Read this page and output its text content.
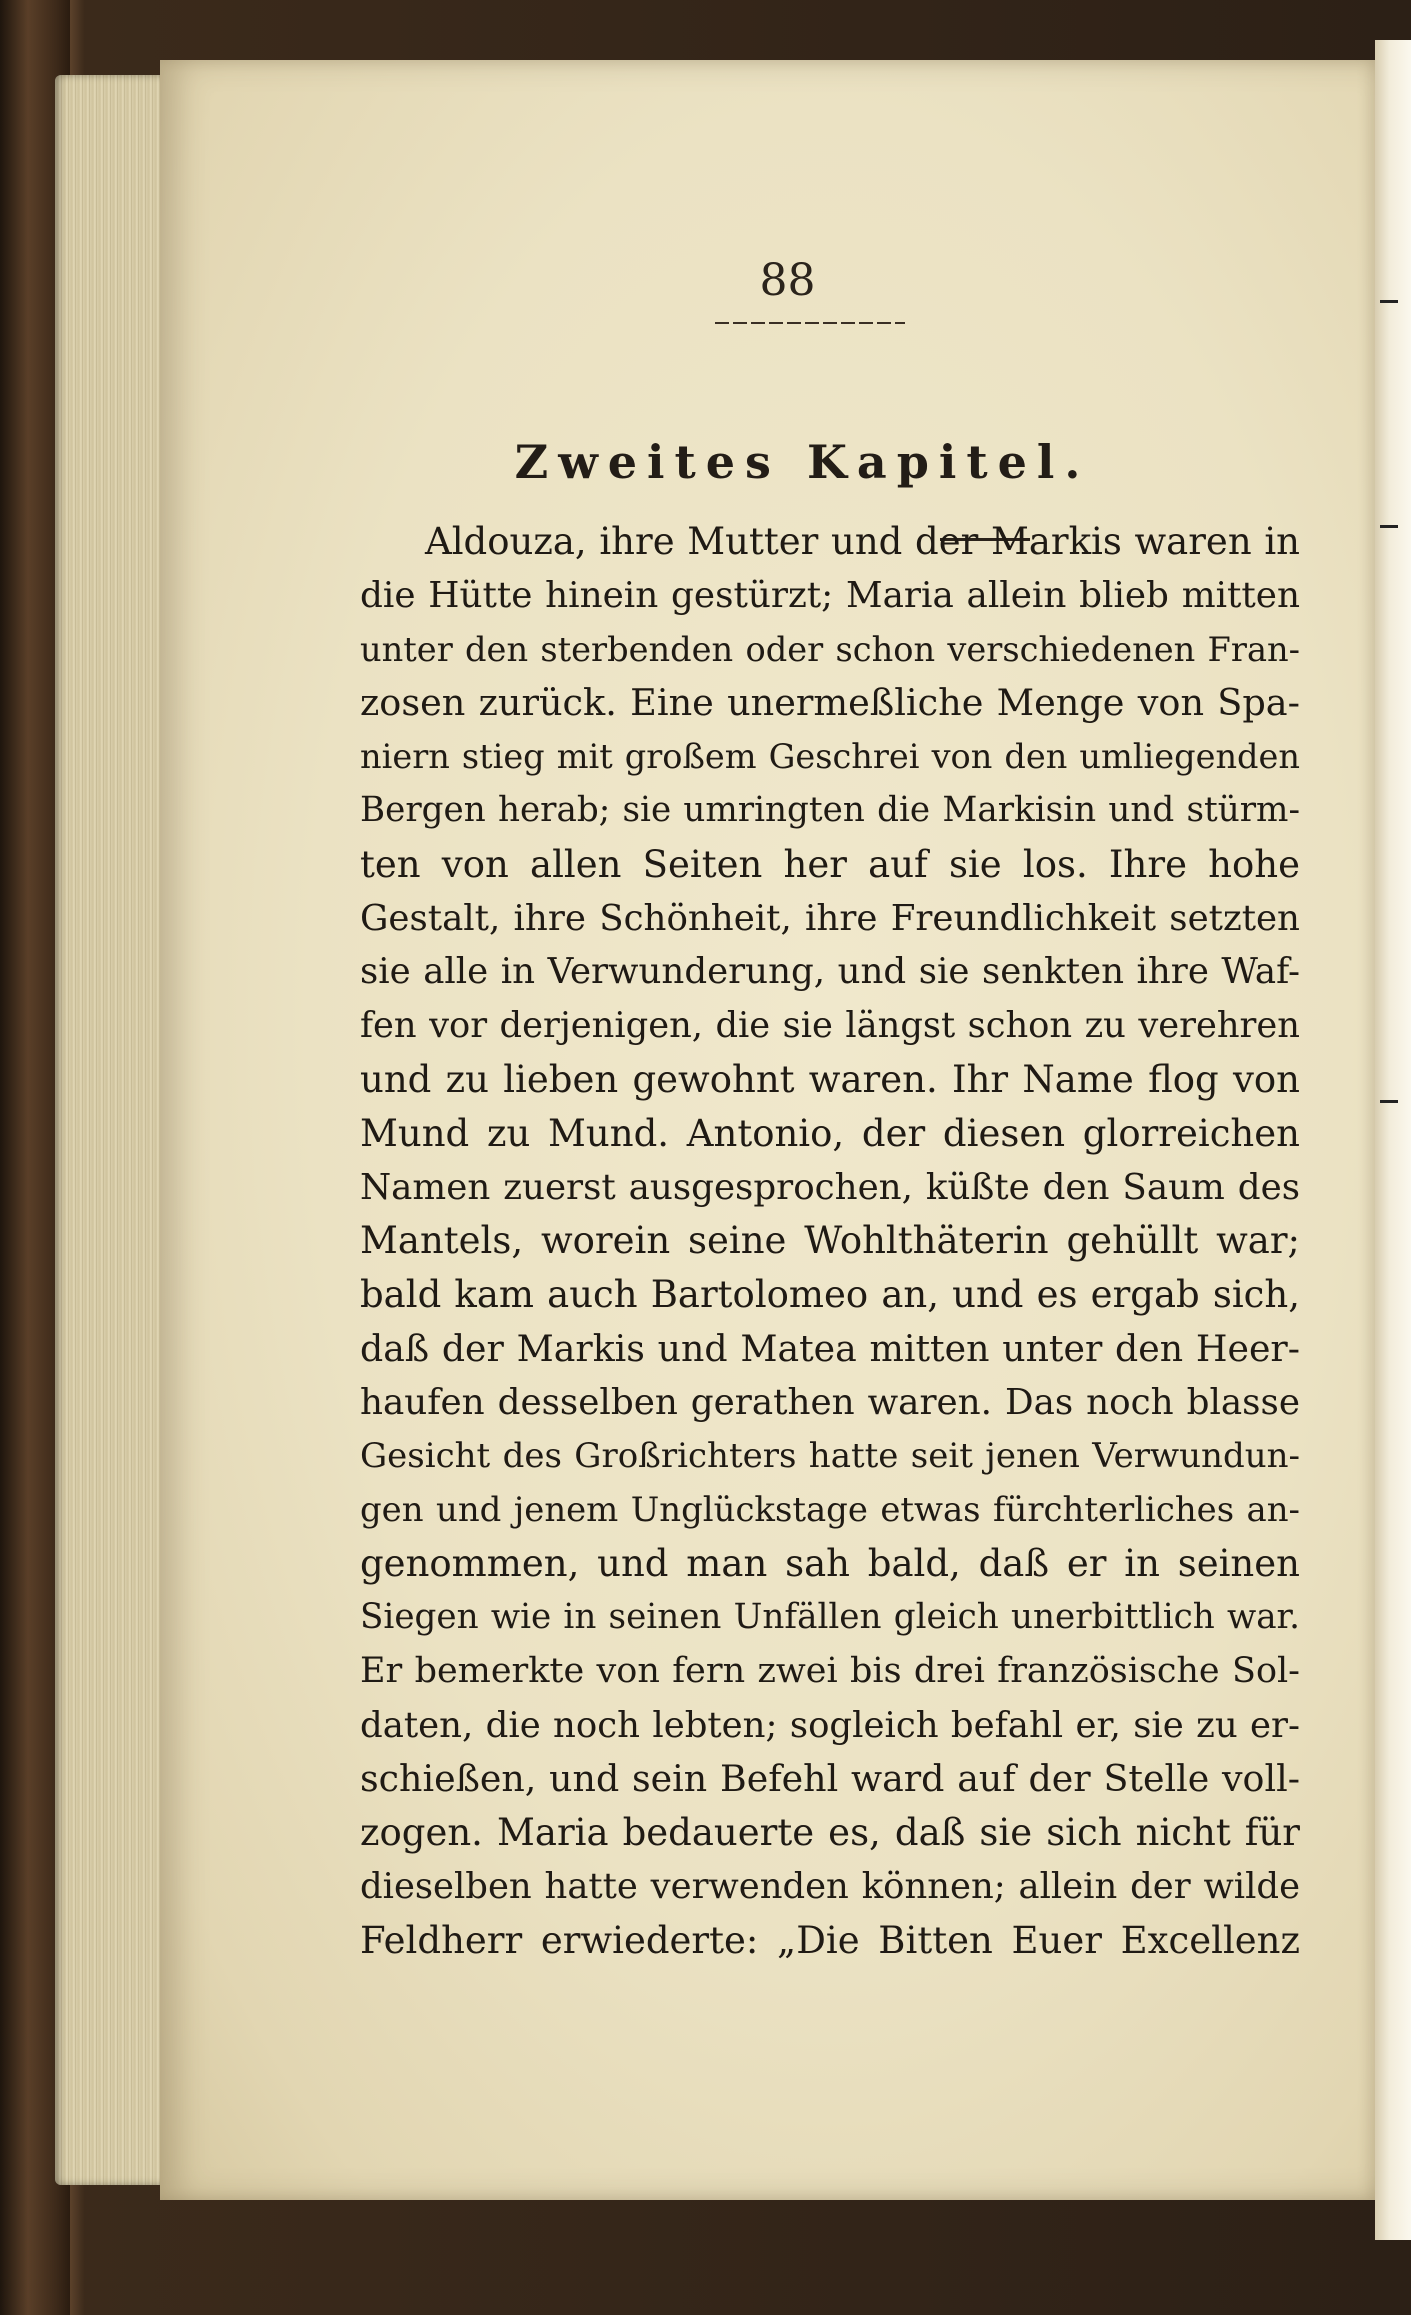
88
Zweites Kapitel.
Aldouza, ihre Mutter und der Markis waren in
die Hütte hinein gestürzt; Maria allein blieb mitten
unter den sterbenden oder schon verschiedenen Fran-
zosen zurück. Eine unermeßliche Menge von Spa-
niern stieg mit großem Geschrei von den umliegenden
Bergen herab; sie umringten die Markisin und stürm-
ten von allen Seiten her auf sie los. Ihre hohe
Gestalt, ihre Schönheit, ihre Freundlichkeit setzten
sie alle in Verwunderung, und sie senkten ihre Waf-
fen vor derjenigen, die sie längst schon zu verehren
und zu lieben gewohnt waren. Ihr Name flog von
Mund zu Mund. Antonio, der diesen glorreichen
Namen zuerst ausgesprochen, küßte den Saum des
Mantels, worein seine Wohlthäterin gehüllt war;
bald kam auch Bartolomeo an, und es ergab sich,
daß der Markis und Matea mitten unter den Heer-
haufen desselben gerathen waren. Das noch blasse
Gesicht des Großrichters hatte seit jenen Verwundun-
gen und jenem Unglückstage etwas fürchterliches an-
genommen, und man sah bald, daß er in seinen
Siegen wie in seinen Unfällen gleich unerbittlich war.
Er bemerkte von fern zwei bis drei französische Sol-
daten, die noch lebten; sogleich befahl er, sie zu er-
schießen, und sein Befehl ward auf der Stelle voll-
zogen. Maria bedauerte es, daß sie sich nicht für
dieselben hatte verwenden können; allein der wilde
Feldherr erwiederte: „Die Bitten Euer Excellenz
